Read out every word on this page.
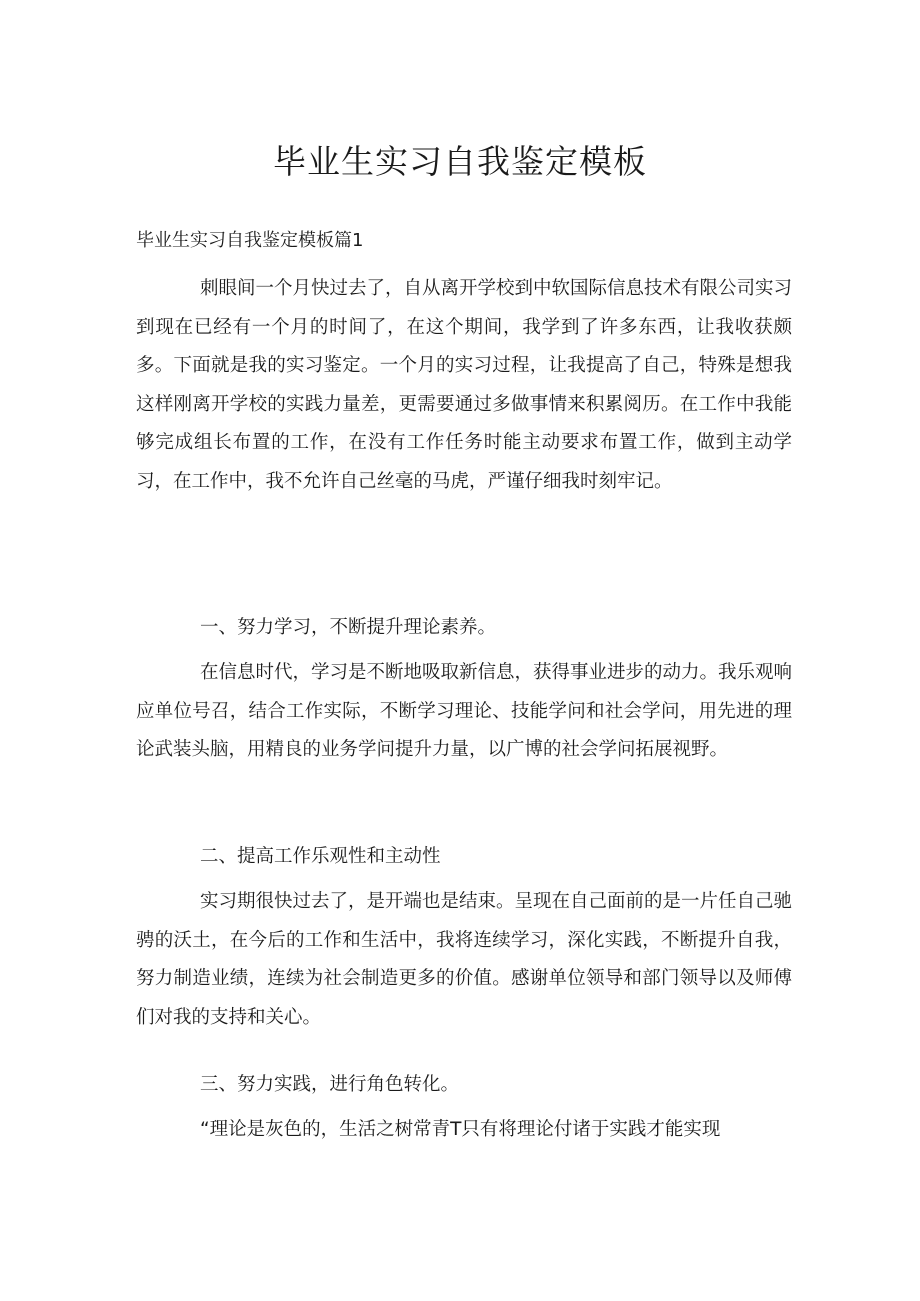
毕业生实习自我鉴定模板
毕业生实习自我鉴定模板篇1

刺眼间一个月快过去了，自从离开学校到中软国际信息技术有限公司实习到现在已经有一个月的时间了，在这个期间，我学到了许多东西，让我收获颇多。下面就是我的实习鉴定。一个月的实习过程，让我提高了自己，特殊是想我这样刚离开学校的实践力量差，更需要通过多做事情来积累阅历。在工作中我能够完成组长布置的工作，在没有工作任务时能主动要求布置工作，做到主动学习，在工作中，我不允许自己丝毫的马虎，严谨仔细我时刻牢记。

一、努力学习，不断提升理论素养。

在信息时代，学习是不断地吸取新信息，获得事业进步的动力。我乐观响应单位号召，结合工作实际，不断学习理论、技能学问和社会学问，用先进的理论武装头脑，用精良的业务学问提升力量，以广博的社会学问拓展视野。

二、提高工作乐观性和主动性

实习期很快过去了，是开端也是结束。呈现在自己面前的是一片任自己驰骋的沃土，在今后的工作和生活中，我将连续学习，深化实践，不断提升自我，努力制造业绩，连续为社会制造更多的价值。感谢单位领导和部门领导以及师傅们对我的支持和关心。

三、努力实践，进行角色转化。

“理论是灰色的，生活之树常青T只有将理论付诸于实践才能实现
